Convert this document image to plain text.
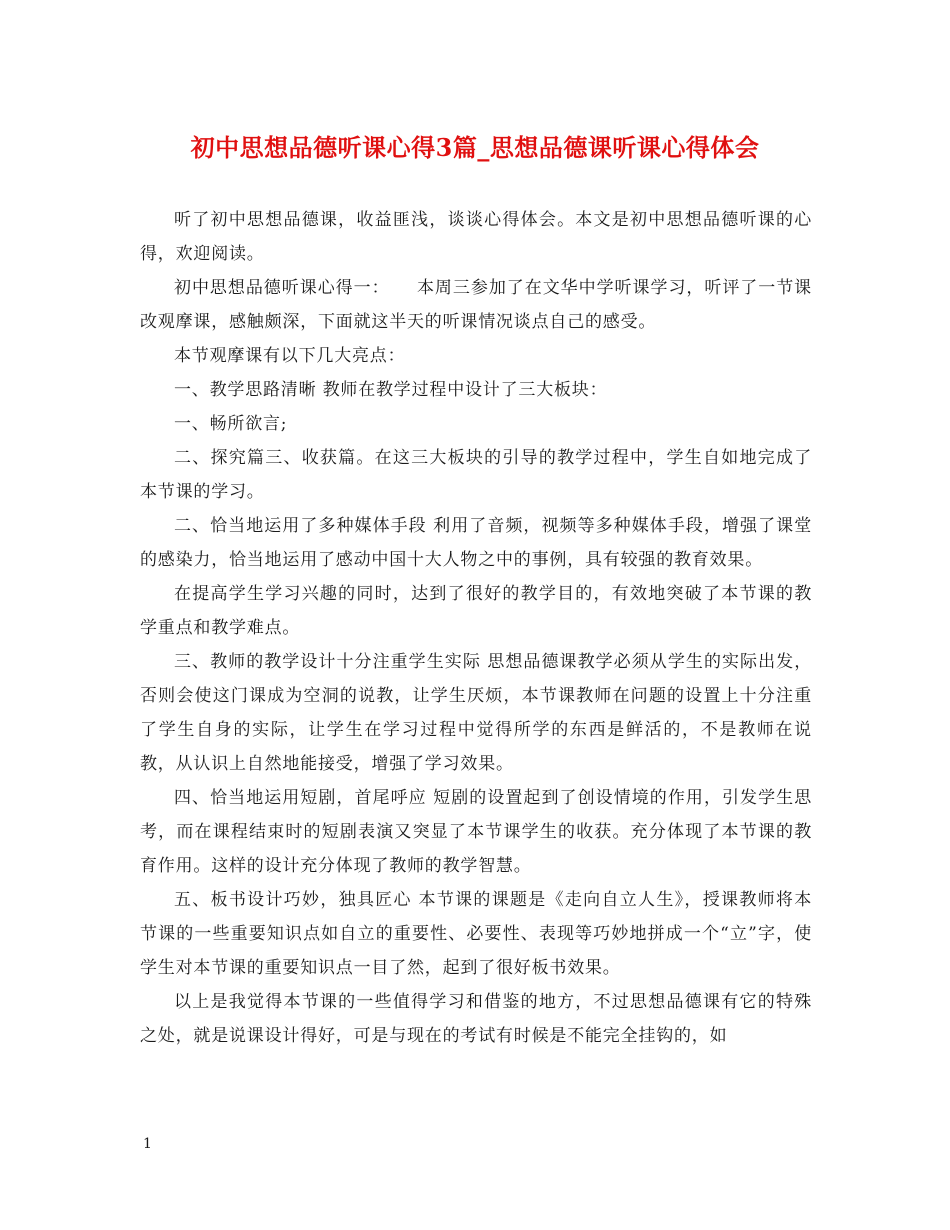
初中思想品德听课心得3篇_思想品德课听课心得体会

听了初中思想品德课，收益匪浅，谈谈心得体会。本文是初中思想品德听课的心得，欢迎阅读。

初中思想品德听课心得一：　　本周三参加了在文华中学听课学习，听评了一节课改观摩课，感触颇深，下面就这半天的听课情况谈点自己的感受。

本节观摩课有以下几大亮点：

一、教学思路清晰 教师在教学过程中设计了三大板块：

一、畅所欲言;

二、探究篇三、收获篇。在这三大板块的引导的教学过程中，学生自如地完成了本节课的学习。

二、恰当地运用了多种媒体手段 利用了音频，视频等多种媒体手段，增强了课堂的感染力，恰当地运用了感动中国十大人物之中的事例，具有较强的教育效果。

在提高学生学习兴趣的同时，达到了很好的教学目的，有效地突破了本节课的教学重点和教学难点。

三、教师的教学设计十分注重学生实际 思想品德课教学必须从学生的实际出发，否则会使这门课成为空洞的说教，让学生厌烦，本节课教师在问题的设置上十分注重了学生自身的实际，让学生在学习过程中觉得所学的东西是鲜活的，不是教师在说教，从认识上自然地能接受，增强了学习效果。

四、恰当地运用短剧，首尾呼应 短剧的设置起到了创设情境的作用，引发学生思考，而在课程结束时的短剧表演又突显了本节课学生的收获。充分体现了本节课的教育作用。这样的设计充分体现了教师的教学智慧。

五、板书设计巧妙，独具匠心 本节课的课题是《走向自立人生》，授课教师将本节课的一些重要知识点如自立的重要性、必要性、表现等巧妙地拼成一个“立”字，使学生对本节课的重要知识点一目了然，起到了很好板书效果。

以上是我觉得本节课的一些值得学习和借鉴的地方，不过思想品德课有它的特殊之处，就是说课设计得好，可是与现在的考试有时候是不能完全挂钩的，如

1
